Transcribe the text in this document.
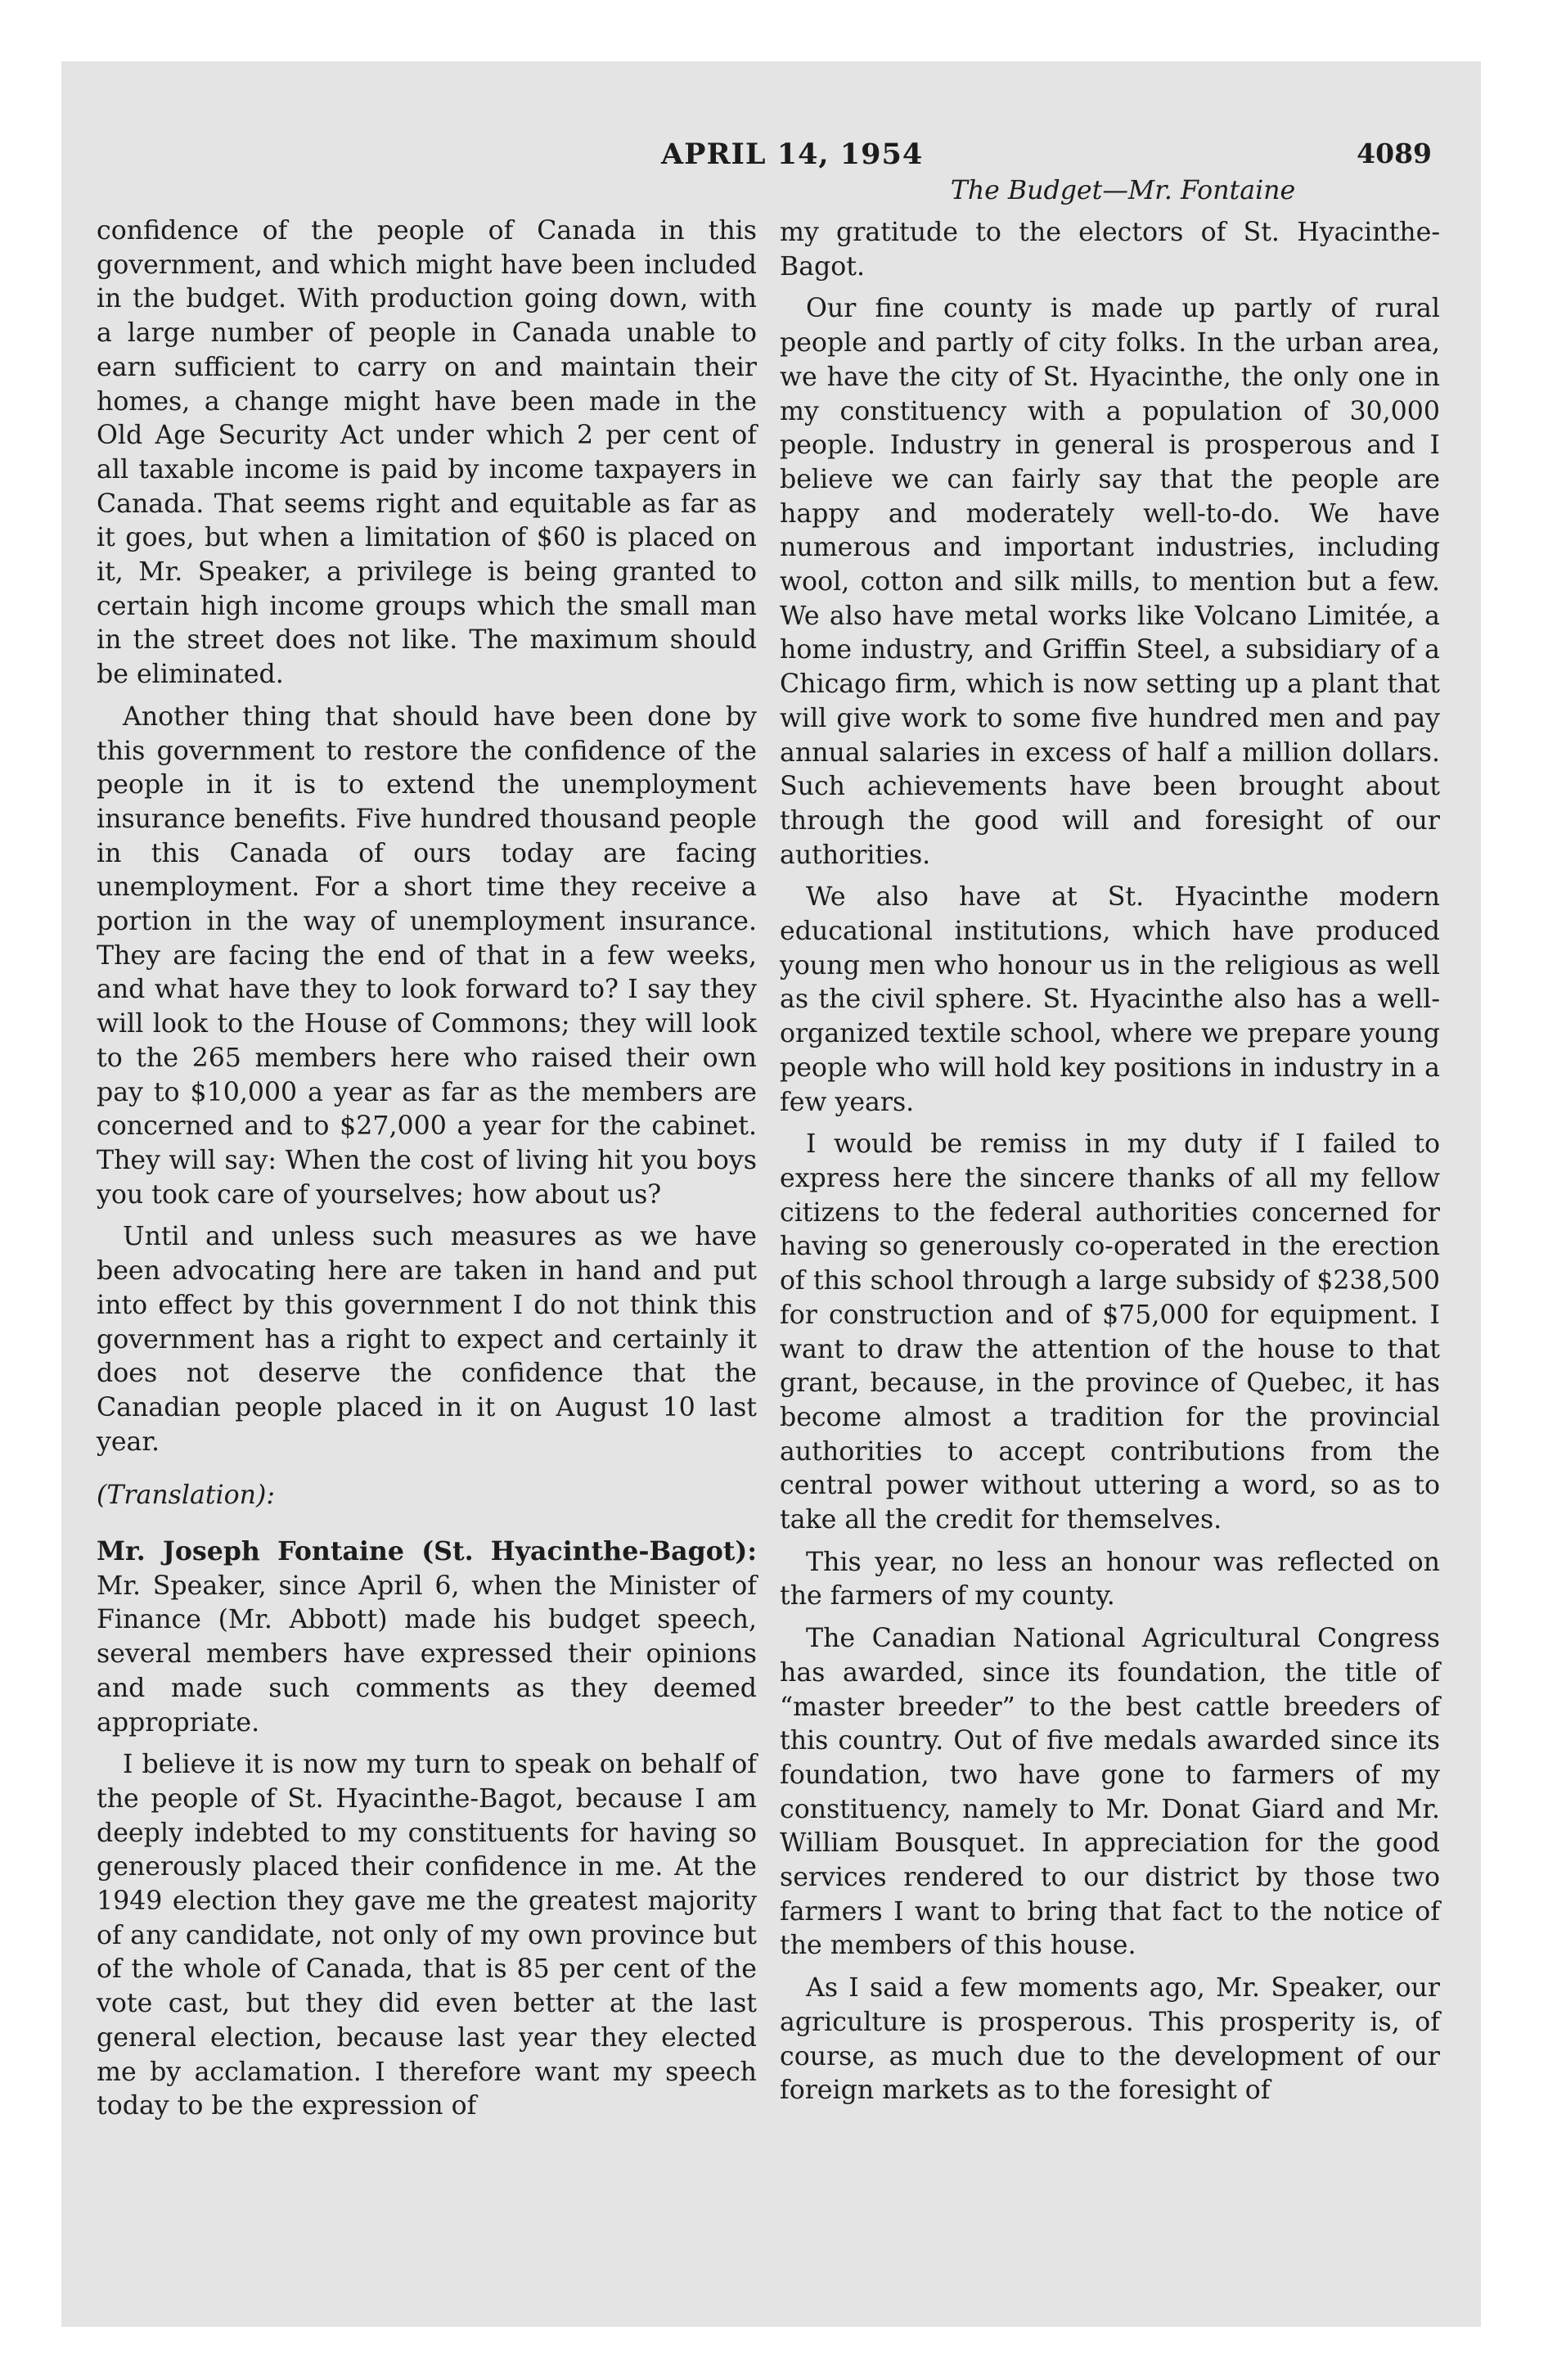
APRIL 14, 1954	4089

confidence of the people of Canada in this government, and which might have been included in the budget. With production going down, with a large number of people in Canada unable to earn sufficient to carry on and maintain their homes, a change might have been made in the Old Age Security Act under which 2 per cent of all taxable income is paid by income taxpayers in Canada. That seems right and equitable as far as it goes, but when a limitation of $60 is placed on it, Mr. Speaker, a privilege is being granted to certain high income groups which the small man in the street does not like. The maximum should be eliminated.

Another thing that should have been done by this government to restore the confidence of the people in it is to extend the unemployment insurance benefits. Five hundred thousand people in this Canada of ours today are facing unemployment. For a short time they receive a portion in the way of unemployment insurance. They are facing the end of that in a few weeks, and what have they to look forward to? I say they will look to the House of Commons; they will look to the 265 members here who raised their own pay to $10,000 a year as far as the members are concerned and to $27,000 a year for the cabinet. They will say: When the cost of living hit you boys you took care of yourselves; how about us?

Until and unless such measures as we have been advocating here are taken in hand and put into effect by this government I do not think this government has a right to expect and certainly it does not deserve the confidence that the Canadian people placed in it on August 10 last year.

(Translation):

Mr. Joseph Fontaine (St. Hyacinthe-Bagot): Mr. Speaker, since April 6, when the Minister of Finance (Mr. Abbott) made his budget speech, several members have expressed their opinions and made such comments as they deemed appropriate.

I believe it is now my turn to speak on behalf of the people of St. Hyacinthe-Bagot, because I am deeply indebted to my constituents for having so generously placed their confidence in me. At the 1949 election they gave me the greatest majority of any candidate, not only of my own province but of the whole of Canada, that is 85 per cent of the vote cast, but they did even better at the last general election, because last year they elected me by acclamation. I therefore want my speech today to be the expression of

The Budget—Mr. Fontaine

my gratitude to the electors of St. Hyacinthe-Bagot.

Our fine county is made up partly of rural people and partly of city folks. In the urban area, we have the city of St. Hyacinthe, the only one in my constituency with a population of 30,000 people. Industry in general is prosperous and I believe we can fairly say that the people are happy and moderately well-to-do. We have numerous and important industries, including wool, cotton and silk mills, to mention but a few. We also have metal works like Volcano Limitée, a home industry, and Griffin Steel, a subsidiary of a Chicago firm, which is now setting up a plant that will give work to some five hundred men and pay annual salaries in excess of half a million dollars. Such achievements have been brought about through the good will and foresight of our authorities.

We also have at St. Hyacinthe modern educational institutions, which have produced young men who honour us in the religious as well as the civil sphere. St. Hyacinthe also has a well-organized textile school, where we prepare young people who will hold key positions in industry in a few years.

I would be remiss in my duty if I failed to express here the sincere thanks of all my fellow citizens to the federal authorities concerned for having so generously co-operated in the erection of this school through a large subsidy of $238,500 for construction and of $75,000 for equipment. I want to draw the attention of the house to that grant, because, in the province of Quebec, it has become almost a tradition for the provincial authorities to accept contributions from the central power without uttering a word, so as to take all the credit for themselves.

This year, no less an honour was reflected on the farmers of my county.

The Canadian National Agricultural Congress has awarded, since its foundation, the title of “master breeder” to the best cattle breeders of this country. Out of five medals awarded since its foundation, two have gone to farmers of my constituency, namely to Mr. Donat Giard and Mr. William Bousquet. In appreciation for the good services rendered to our district by those two farmers I want to bring that fact to the notice of the members of this house.

As I said a few moments ago, Mr. Speaker, our agriculture is prosperous. This prosperity is, of course, as much due to the development of our foreign markets as to the foresight of
